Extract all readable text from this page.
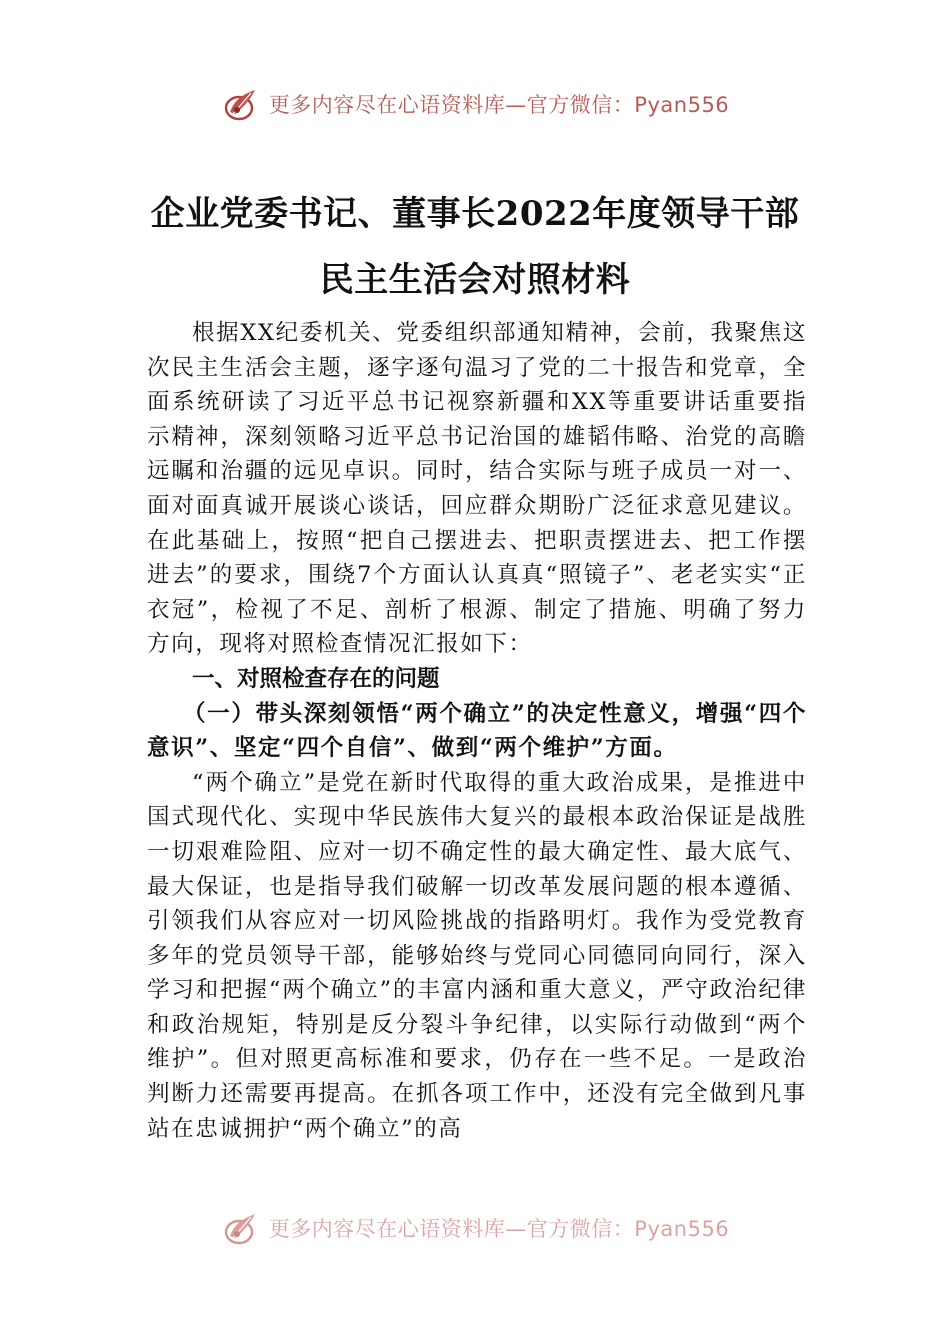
更多内容尽在心语资料库—官方微信：Pyan556
企业党委书记、董事长2022年度领导干部
民主生活会对照材料

根据XX纪委机关、党委组织部通知精神，会前，我聚焦这次民主生活会主题，逐字逐句温习了党的二十报告和党章，全面系统研读了习近平总书记视察新疆和XX等重要讲话重要指示精神，深刻领略习近平总书记治国的雄韬伟略、治党的高瞻远瞩和治疆的远见卓识。同时，结合实际与班子成员一对一、面对面真诚开展谈心谈话，回应群众期盼广泛征求意见建议。在此基础上，按照“把自己摆进去、把职责摆进去、把工作摆进去”的要求，围绕7个方面认认真真“照镜子”、老老实实“正衣冠”，检视了不足、剖析了根源、制定了措施、明确了努力方向，现将对照检查情况汇报如下：

一、对照检查存在的问题

（一）带头深刻领悟“两个确立”的决定性意义，增强“四个意识”、坚定“四个自信”、做到“两个维护”方面。

“两个确立”是党在新时代取得的重大政治成果，是推进中国式现代化、实现中华民族伟大复兴的最根本政治保证是战胜一切艰难险阻、应对一切不确定性的最大确定性、最大底气、最大保证，也是指导我们破解一切改革发展问题的根本遵循、引领我们从容应对一切风险挑战的指路明灯。我作为受党教育多年的党员领导干部，能够始终与党同心同德同向同行，深入学习和把握“两个确立”的丰富内涵和重大意义，严守政治纪律和政治规矩，特别是反分裂斗争纪律，以实际行动做到“两个维护”。但对照更高标准和要求，仍存在一些不足。一是政治判断力还需要再提高。在抓各项工作中，还没有完全做到凡事站在忠诚拥护“两个确立”的高

更多内容尽在心语资料库—官方微信：Pyan556
